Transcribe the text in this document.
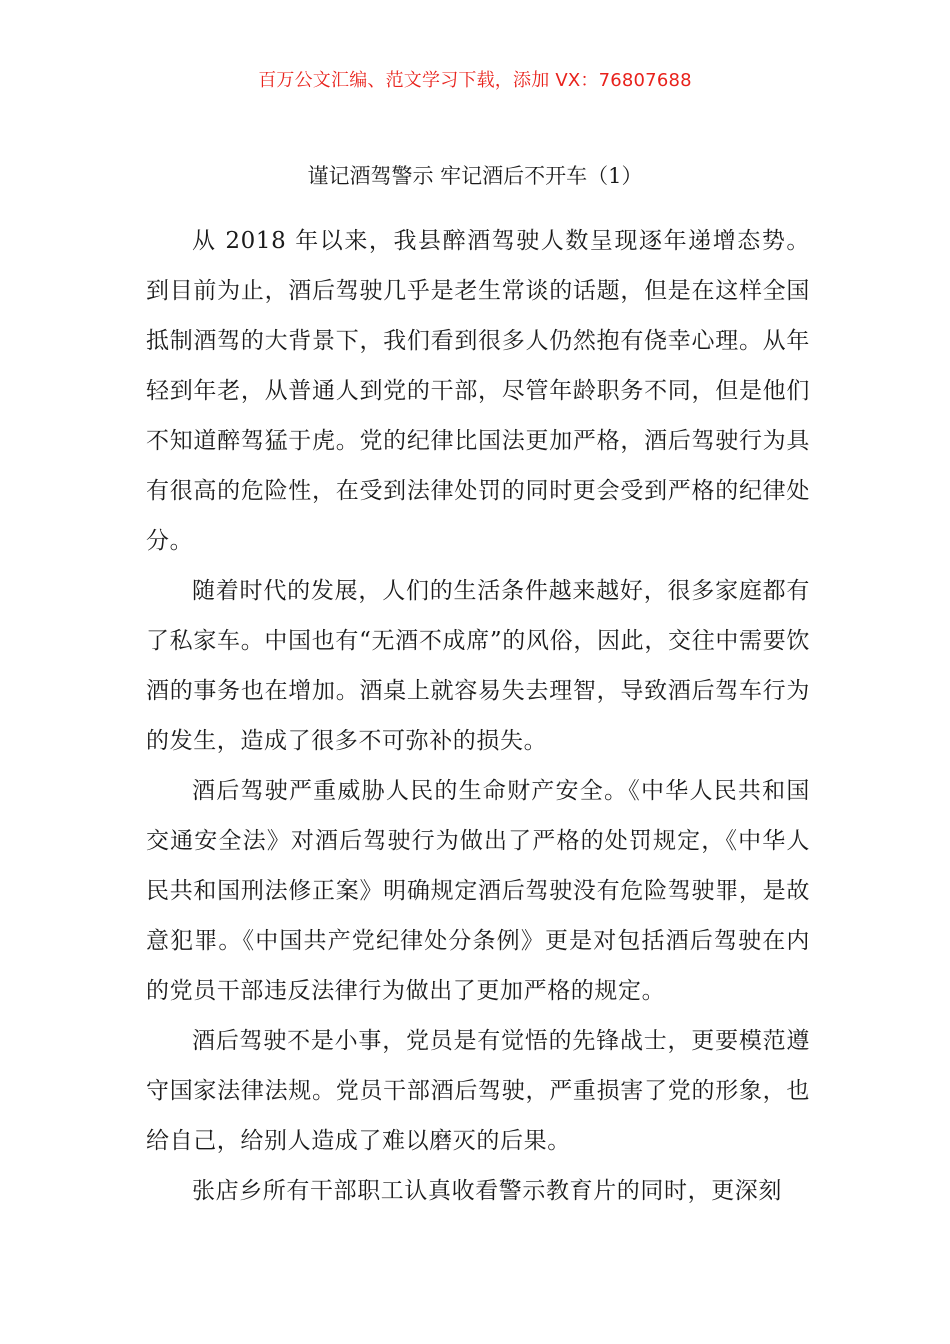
百万公文汇编、范文学习下载，添加 VX：76807688
谨记酒驾警示 牢记酒后不开车（1）

从 2018 年以来，我县醉酒驾驶人数呈现逐年递增态势。到目前为止，酒后驾驶几乎是老生常谈的话题，但是在这样全国抵制酒驾的大背景下，我们看到很多人仍然抱有侥幸心理。从年轻到年老，从普通人到党的干部，尽管年龄职务不同，但是他们不知道醉驾猛于虎。党的纪律比国法更加严格，酒后驾驶行为具有很高的危险性，在受到法律处罚的同时更会受到严格的纪律处分。

随着时代的发展，人们的生活条件越来越好，很多家庭都有了私家车。中国也有“无酒不成席”的风俗，因此，交往中需要饮酒的事务也在增加。酒桌上就容易失去理智，导致酒后驾车行为的发生，造成了很多不可弥补的损失。

酒后驾驶严重威胁人民的生命财产安全。《中华人民共和国交通安全法》对酒后驾驶行为做出了严格的处罚规定，《中华人民共和国刑法修正案》明确规定酒后驾驶没有危险驾驶罪，是故意犯罪。《中国共产党纪律处分条例》更是对包括酒后驾驶在内的党员干部违反法律行为做出了更加严格的规定。

酒后驾驶不是小事，党员是有觉悟的先锋战士，更要模范遵守国家法律法规。党员干部酒后驾驶，严重损害了党的形象，也给自己，给别人造成了难以磨灭的后果。

张店乡所有干部职工认真收看警示教育片的同时，更深刻
